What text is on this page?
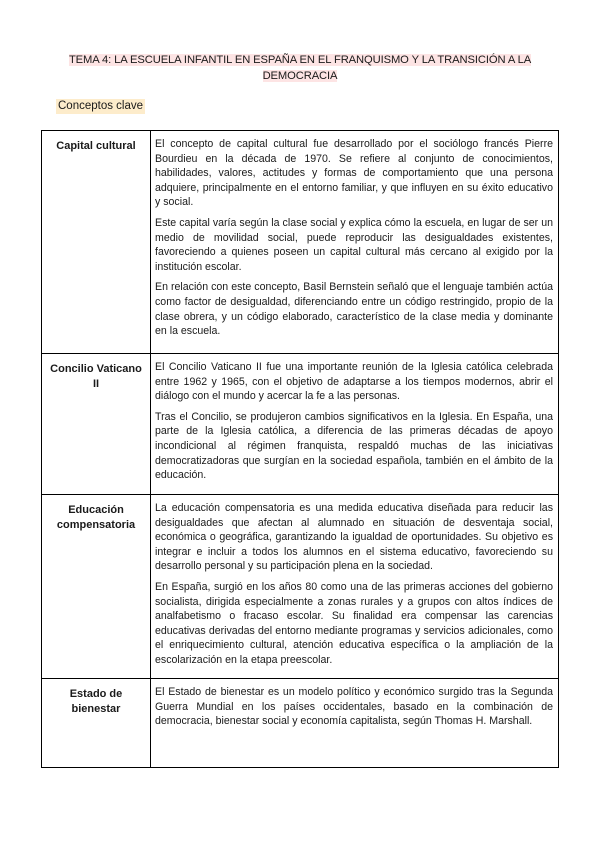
TEMA 4: LA ESCUELA INFANTIL EN ESPAÑA EN EL FRANQUISMO Y LA TRANSICIÓN A LA DEMOCRACIA
Conceptos clave
Capital cultural	El concepto de capital cultural fue desarrollado por el sociólogo francés Pierre Bourdieu en la década de 1970. Se refiere al conjunto de conocimientos, habilidades, valores, actitudes y formas de comportamiento que una persona adquiere, principalmente en el entorno familiar, y que influyen en su éxito educativo y social.

Este capital varía según la clase social y explica cómo la escuela, en lugar de ser un medio de movilidad social, puede reproducir las desigualdades existentes, favoreciendo a quienes poseen un capital cultural más cercano al exigido por la institución escolar.

En relación con este concepto, Basil Bernstein señaló que el lenguaje también actúa como factor de desigualdad, diferenciando entre un código restringido, propio de la clase obrera, y un código elaborado, característico de la clase media y dominante en la escuela.

Concilio Vaticano II	El Concilio Vaticano II fue una importante reunión de la Iglesia católica celebrada entre 1962 y 1965, con el objetivo de adaptarse a los tiempos modernos, abrir el diálogo con el mundo y acercar la fe a las personas.

Tras el Concilio, se produjeron cambios significativos en la Iglesia. En España, una parte de la Iglesia católica, a diferencia de las primeras décadas de apoyo incondicional al régimen franquista, respaldó muchas de las iniciativas democratizadoras que surgían en la sociedad española, también en el ámbito de la educación.

Educación compensatoria	La educación compensatoria es una medida educativa diseñada para reducir las desigualdades que afectan al alumnado en situación de desventaja social, económica o geográfica, garantizando la igualdad de oportunidades. Su objetivo es integrar e incluir a todos los alumnos en el sistema educativo, favoreciendo su desarrollo personal y su participación plena en la sociedad.

En España, surgió en los años 80 como una de las primeras acciones del gobierno socialista, dirigida especialmente a zonas rurales y a grupos con altos índices de analfabetismo o fracaso escolar. Su finalidad era compensar las carencias educativas derivadas del entorno mediante programas y servicios adicionales, como el enriquecimiento cultural, atención educativa específica o la ampliación de la escolarización en la etapa preescolar.

Estado de bienestar	El Estado de bienestar es un modelo político y económico surgido tras la Segunda Guerra Mundial en los países occidentales, basado en la combinación de democracia, bienestar social y economía capitalista, según Thomas H. Marshall.
